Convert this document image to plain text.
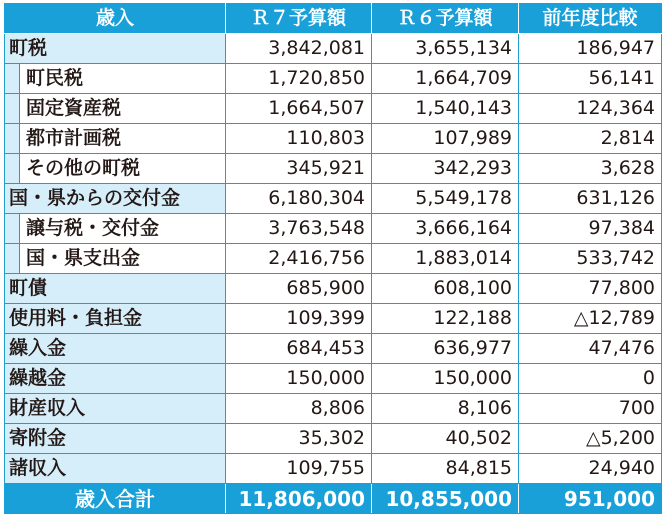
歳入	Ｒ７予算額	Ｒ６予算額	前年度比較
町税	3,842,081	3,655,134	186,947

町民税	1,720,850	1,664,709	56,141

固定資産税	1,664,507	1,540,143	124,364

都市計画税	110,803	107,989	2,814

その他の町税	345,921	342,293	3,628
国・県からの交付金	6,180,304	5,549,178	631,126

譲与税・交付金	3,763,548	3,666,164	97,384

国・県支出金	2,416,756	1,883,014	533,742
町債	685,900	608,100	77,800
使用料・負担金	109,399	122,188	△12,789
繰入金	684,453	636,977	47,476
繰越金	150,000	150,000	0
財産収入	8,806	8,106	700
寄附金	35,302	40,502	△5,200
諸収入	109,755	84,815	24,940
歳入合計	11,806,000	10,855,000	951,000
